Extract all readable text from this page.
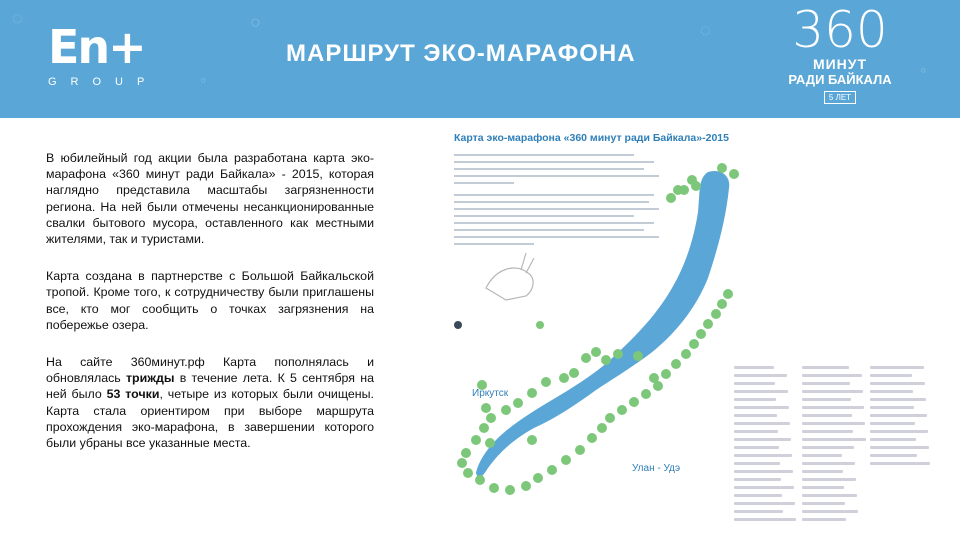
◌
◦
◌
◦
○
En+
GROUP
МАРШРУТ ЭКО-МАРАФОНА	360
МИНУТ
РАДИ БАЙКАЛА
5 ЛЕТ

В юбилейный год акции была разработана карта эко-марафона «360 минут ради Байкала» - 2015, которая наглядно представила масштабы загрязненности региона. На ней были отмечены несанкционированные свалки бытового мусора, оставленного как местными жителями, так и туристами.

Карта создана в партнерстве с Большой Байкальской тропой. Кроме того, к сотрудничеству были приглашены все, кто мог сообщить о точках загрязнения на побережье озера.

На сайте 360минут.рф Карта пополнялась и обновлялась трижды в течение лета. К 5 сентября на ней было 53 точки, четыре из которых были очищены. Карта стала ориентиром при выборе маршрута прохождения эко-марафона, в завершении которого были убраны все указанные места.

Карта эко-марафона «360 минут ради Байкала»-2015
Иркутск
Улан - Удэ
